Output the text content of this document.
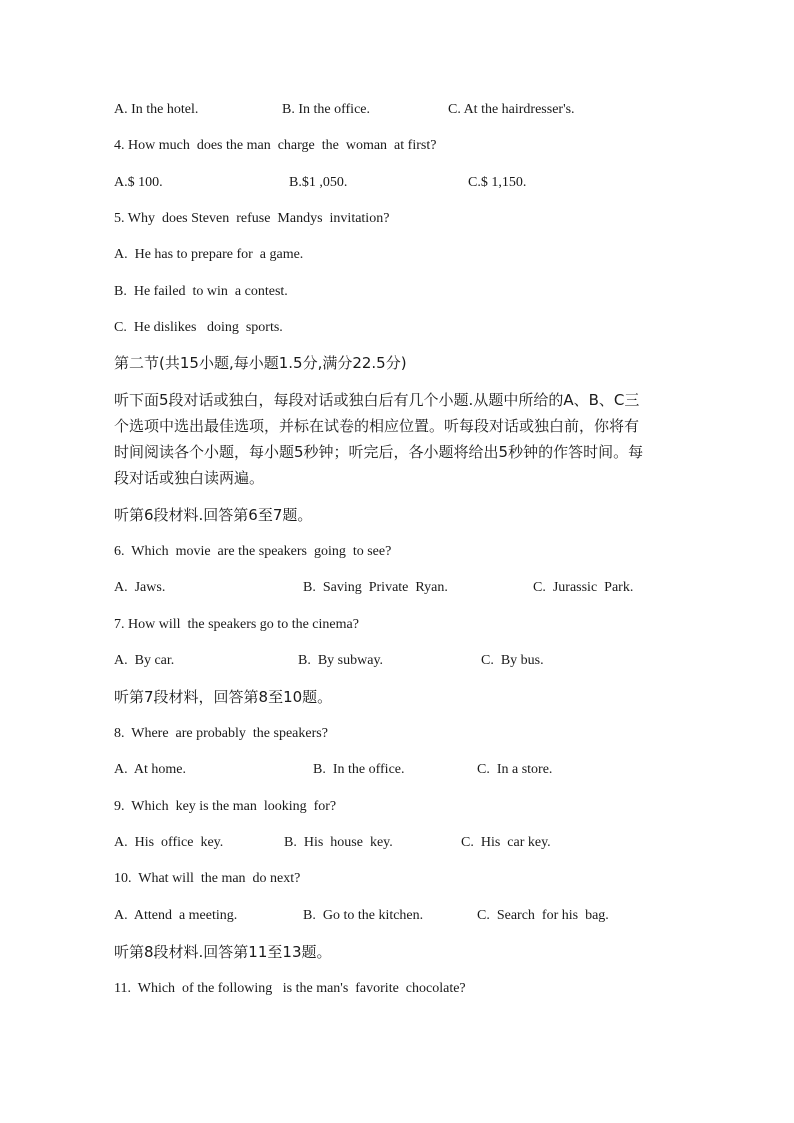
A. In the hotel.	B. In the office.	C. At the hairdresser's.
4. How much  does the man  charge  the  woman  at first?
A.$ 100.	B.$1 ,050.	C.$ 1,150.
5. Why  does Steven  refuse  Mandys  invitation?
A.  He has to prepare for  a game.
B.  He failed  to win  a contest.
C.  He dislikes   doing  sports.
第二节(共15小题,每小题1.5分,满分22.5分)
听下面5段对话或独白，每段对话或独白后有几个小题.从题中所给的A、B、C三
个选项中选出最佳选项，并标在试卷的相应位置。听每段对话或独白前，你将有
时间阅读各个小题，每小题5秒钟；听完后，各小题将给出5秒钟的作答时间。每
段对话或独白读两遍。
听第6段材料.回答第6至7题。
6.  Which  movie  are the speakers  going  to see?
A.  Jaws.	B.  Saving  Private  Ryan.	C.  Jurassic  Park.
7. How will  the speakers go to the cinema?
A.  By car.	B.  By subway.	C.  By bus.
听第7段材料，回答第8至10题。
8.  Where  are probably  the speakers?
A.  At home.	B.  In the office.	C.  In a store.
9.  Which  key is the man  looking  for?
A.  His  office  key.	B.  His  house  key.	C.  His  car key.
10.  What will  the man  do next?
A.  Attend  a meeting.	B.  Go to the kitchen.	C.  Search  for his  bag.
听第8段材料.回答第11至13题。
11.  Which  of the following   is the man's  favorite  chocolate?
